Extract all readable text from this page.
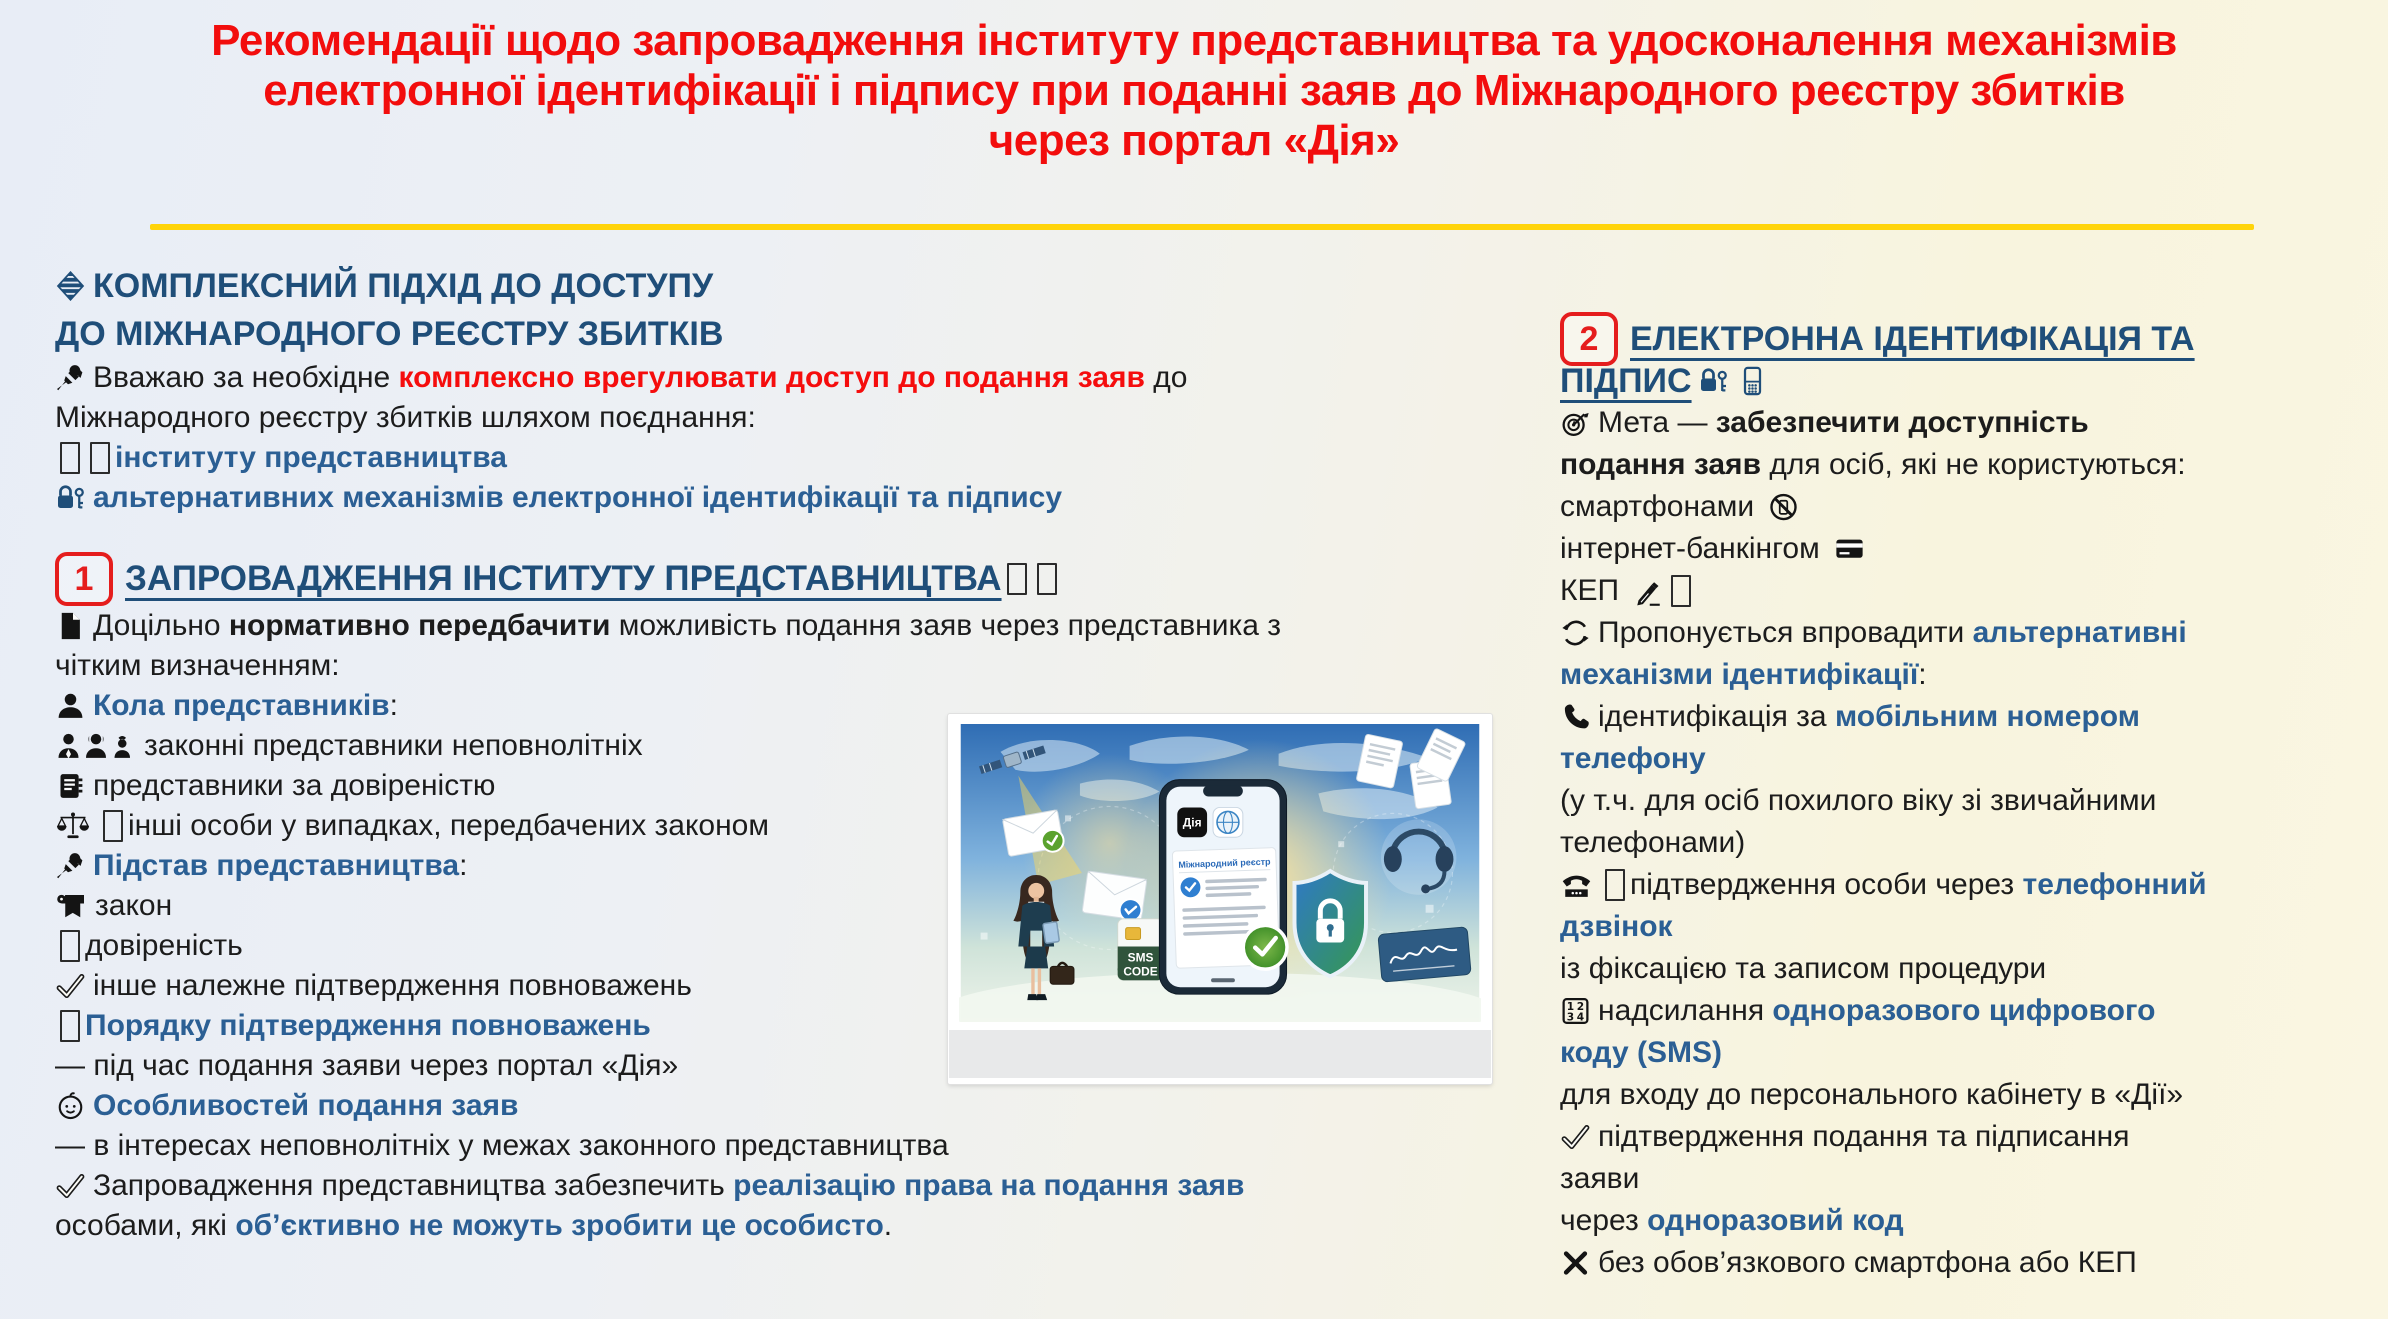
Рекомендації щодо запровадження інституту представництва та удосконалення механізмів
електронної ідентифікації і підпису при поданні заяв до Міжнародного реєстру збитків
через портал «Дія»
КОМПЛЕКСНИЙ ПІДХІД ДО ДОСТУПУ
ДО МІЖНАРОДНОГО РЕЄСТРУ ЗБИТКІВ
Вважаю за необхідне комплексно врегулювати доступ до подання заяв до
Міжнародного реєстру збитків шляхом поєднання:
інституту представництва
альтернативних механізмів електронної ідентифікації та підпису
1 ЗАПРОВАДЖЕННЯ ІНСТИТУТУ ПРЕДСТАВНИЦТВА
Доцільно нормативно передбачити можливість подання заяв через представника з
чітким визначенням:
Кола представників :
законні представники неповнолітніх
представники за довіреністю
інші особи у випадках, передбачених законом
Підстав представництва :
закон
довіреність
інше належне підтвердження повноважень
Порядку підтвердження повноважень
— під час подання заяви через портал «Дія»
Особливостей подання заяв
— в інтересах неповнолітніх у межах законного представництва
Запровадження представництва забезпечить реалізацію права на подання заяв
особами, які об’єктивно не можуть зробити це особисто .
2 ЕЛЕКТРОННА ІДЕНТИФІКАЦІЯ ТА
ПІДПИС
Мета — забезпечити доступність
подання заяв для осіб, які не користуються:
смартфонами
інтернет-банкінгом
КЕП
Пропонується впровадити альтернативні
механізми ідентифікації :
ідентифікація за мобільним номером
телефону
(у т.ч. для осіб похилого віку зі звичайними
телефонами)
підтвердження особи через телефонний
дзвінок
із фіксацією та записом процедури
надсилання одноразового цифрового
коду (SMS)
для входу до персонального кабінету в «Дії»
підтвердження подання та підписання
заяви
через одноразовий код
без обов’язкового смартфона або КЕП
SMS
CODE
Дія
Міжнародний реєстр
